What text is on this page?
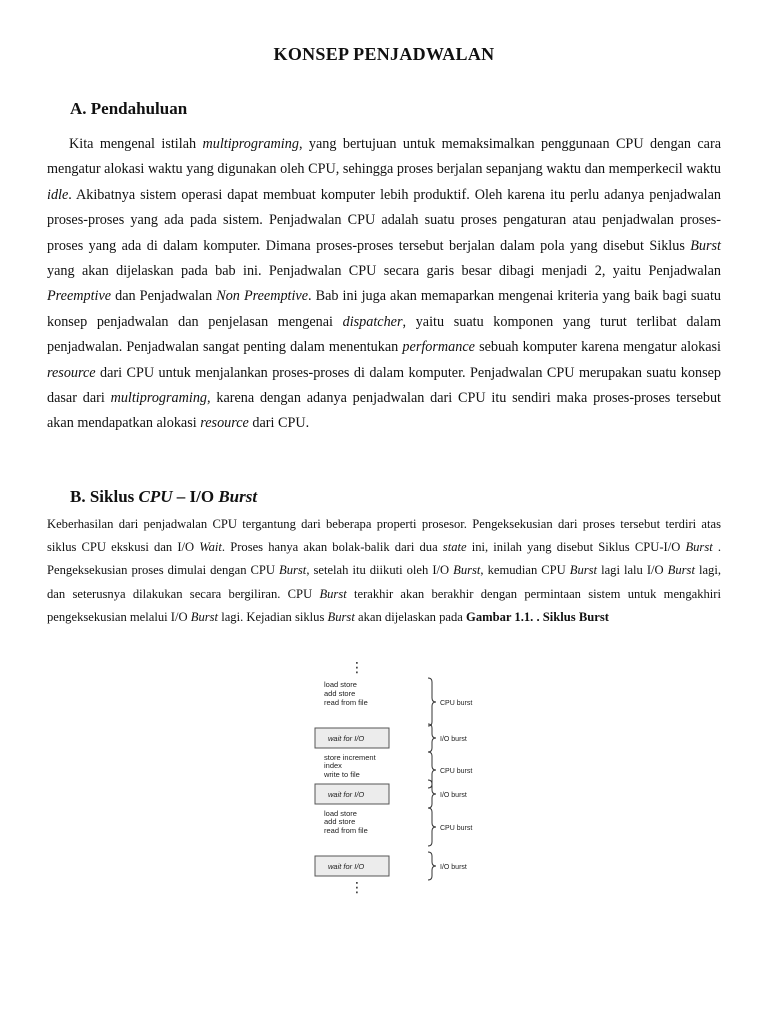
KONSEP PENJADWALAN
A. Pendahuluan
Kita mengenal istilah multiprograming, yang bertujuan untuk memaksimalkan penggunaan CPU dengan cara mengatur alokasi waktu yang digunakan oleh CPU, sehingga proses berjalan sepanjang waktu dan memperkecil waktu idle. Akibatnya sistem operasi dapat membuat komputer lebih produktif. Oleh karena itu perlu adanya penjadwalan proses-proses yang ada pada sistem. Penjadwalan CPU adalah suatu proses pengaturan atau penjadwalan proses-proses yang ada di dalam komputer. Dimana proses-proses tersebut berjalan dalam pola yang disebut Siklus Burst yang akan dijelaskan pada bab ini. Penjadwalan CPU secara garis besar dibagi menjadi 2, yaitu Penjadwalan Preemptive dan Penjadwalan Non Preemptive. Bab ini juga akan memaparkan mengenai kriteria yang baik bagi suatu konsep penjadwalan dan penjelasan mengenai dispatcher, yaitu suatu komponen yang turut terlibat dalam penjadwalan. Penjadwalan sangat penting dalam menentukan performance sebuah komputer karena mengatur alokasi resource dari CPU untuk menjalankan proses-proses di dalam komputer. Penjadwalan CPU merupakan suatu konsep dasar dari multiprograming, karena dengan adanya penjadwalan dari CPU itu sendiri maka proses-proses tersebut akan mendapatkan alokasi resource dari CPU.
B. Siklus CPU – I/O Burst
Keberhasilan dari penjadwalan CPU tergantung dari beberapa properti prosesor. Pengeksekusian dari proses tersebut terdiri atas siklus CPU ekskusi dan I/O Wait. Proses hanya akan bolak-balik dari dua state ini, inilah yang disebut Siklus CPU-I/O Burst . Pengeksekusian proses dimulai dengan CPU Burst, setelah itu diikuti oleh I/O Burst, kemudian CPU Burst lagi lalu I/O Burst lagi, dan seterusnya dilakukan secara bergiliran. CPU Burst terakhir akan berakhir dengan permintaan sistem untuk mengakhiri pengeksekusian melalui I/O Burst lagi. Kejadian siklus Burst akan dijelaskan pada Gambar 1.1. . Siklus Burst
⋮
load store
add store
read from file	CPU burst
wait for I/O	I/O burst
store increment
index
write to file	CPU burst
wait for I/O	I/O burst
load store
add store
read from file	CPU burst
wait for I/O	I/O burst
⋮
